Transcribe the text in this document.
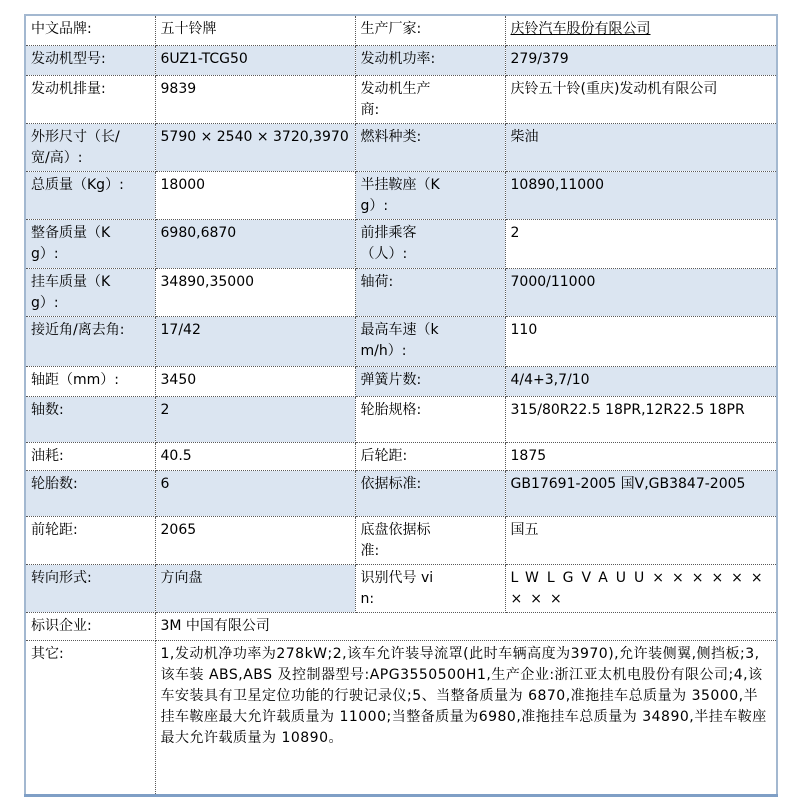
中文品牌:	五十铃牌	生产厂家:	庆铃汽车股份有限公司
发动机型号:	6UZ1-TCG50	发动机功率:	279/379
发动机排量:	9839	发动机生产商:	庆铃五十铃(重庆)发动机有限公司
外形尺寸（长/宽/高）:	5790 × 2540 × 3720,3970	燃料种类:	柴油
总质量（Kg）:	18000	半挂鞍座（Kg）:	10890,11000
整备质量（Kg）:	6980,6870	前排乘客（人）:	2
挂车质量（Kg）:	34890,35000	轴荷:	7000/11000
接近角/离去角:	17/42	最高车速（km/h）:	110
轴距（mm）:	3450	弹簧片数:	4/4+3,7/10
轴数:	2	轮胎规格:	315/80R22.5 18PR,12R22.5 18PR
油耗:	40.5	后轮距:	1875
轮胎数:	6	依据标准:	GB17691-2005 国V,GB3847-2005
前轮距:	2065	底盘依据标准:	国五
转向形式:	方向盘	识别代号 vin:	LWLGVAUU×××××××××
标识企业:	3M 中国有限公司		
其它:	1,发动机净功率为278kW;2,该车允许装导流罩(此时车辆高度为3970),允许装侧翼,侧挡板;3,该车装 ABS,ABS 及控制器型号:APG3550500H1,生产企业:浙江亚太机电股份有限公司;4,该车安装具有卫星定位功能的行驶记录仪;5、当整备质量为 6870,准拖挂车总质量为 35000,半挂车鞍座最大允许载质量为 11000;当整备质量为6980,准拖挂车总质量为 34890,半挂车鞍座最大允许载质量为 10890。		
